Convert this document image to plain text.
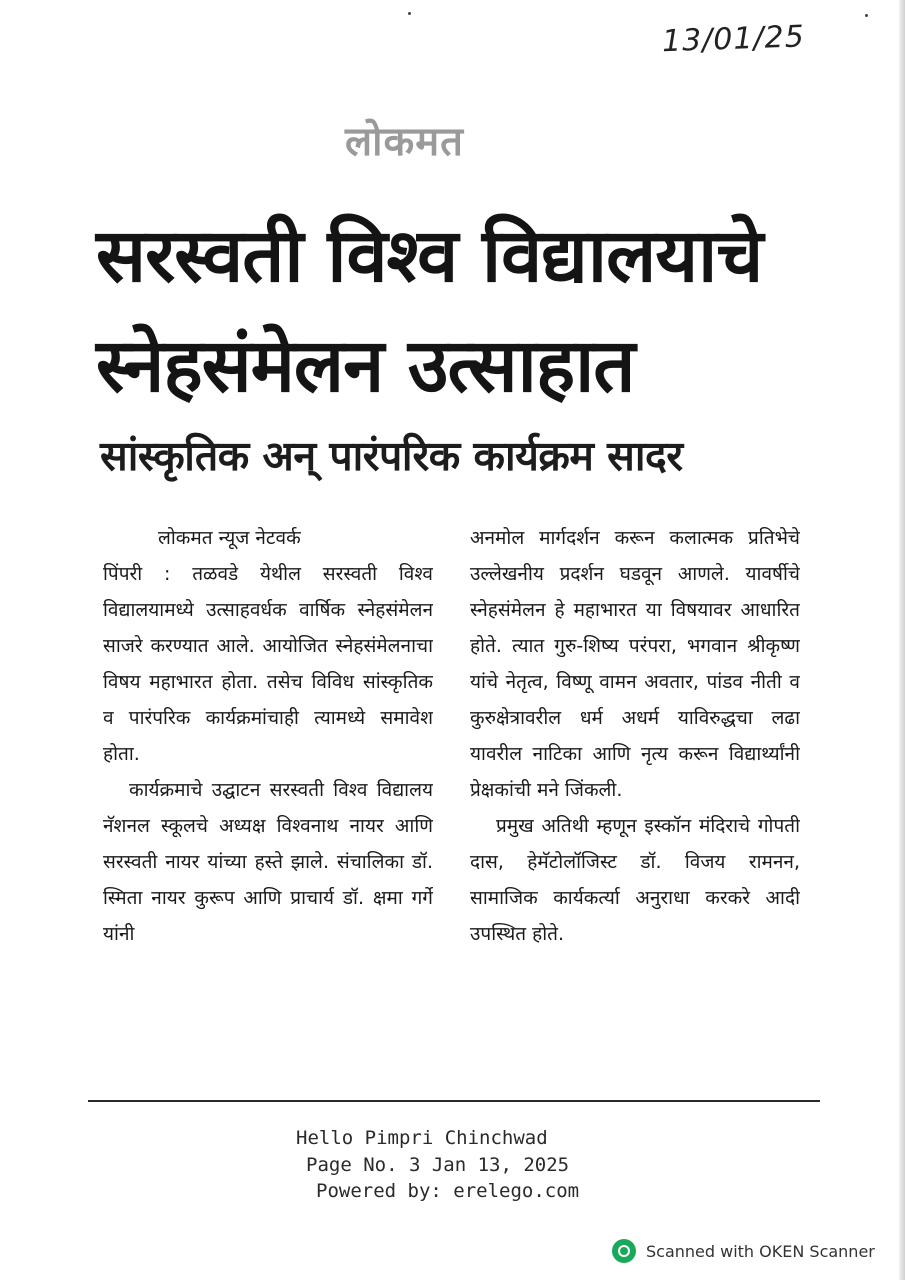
13/01/25
लोकमत
सरस्वती विश्व विद्यालयाचे
स्नेहसंमेलन उत्साहात
सांस्कृतिक अन् पारंपरिक कार्यक्रम सादर
लोकमत न्यूज नेटवर्क

पिंपरी : तळवडे येथील सरस्वती विश्व विद्यालयामध्ये उत्साहवर्धक वार्षिक स्नेहसंमेलन साजरे करण्यात आले. आयोजित स्नेहसंमेलनाचा विषय महाभारत होता. तसेच विविध सांस्कृतिक व पारंपरिक कार्यक्रमांचाही त्यामध्ये समावेश होता.

कार्यक्रमाचे उद्घाटन सरस्वती विश्व विद्यालय नॅशनल स्कूलचे अध्यक्ष विश्वनाथ नायर आणि सरस्वती नायर यांच्या हस्ते झाले. संचालिका डॉ. स्मिता नायर कुरूप आणि प्राचार्य डॉ. क्षमा गर्गे यांनी

अनमोल मार्गदर्शन करून कलात्मक प्रतिभेचे उल्लेखनीय प्रदर्शन घडवून आणले. यावर्षीचे स्नेहसंमेलन हे महाभारत या विषयावर आधारित होते. त्यात गुरु-शिष्य परंपरा, भगवान श्रीकृष्ण यांचे नेतृत्व, विष्णू वामन अवतार, पांडव नीती व कुरुक्षेत्रावरील धर्म अधर्म याविरुद्धचा लढा यावरील नाटिका आणि नृत्य करून विद्यार्थ्यांनी प्रेक्षकांची मने जिंकली.

प्रमुख अतिथी म्हणून इस्कॉन मंदिराचे गोपती दास, हेमॅटोलॉजिस्ट डॉ. विजय रामनन, सामाजिक कार्यकर्त्या अनुराधा करकरे आदी उपस्थित होते.

Hello Pimpri Chinchwad
Page No. 3 Jan 13, 2025
Powered by: erelego.com
Scanned with OKEN Scanner
